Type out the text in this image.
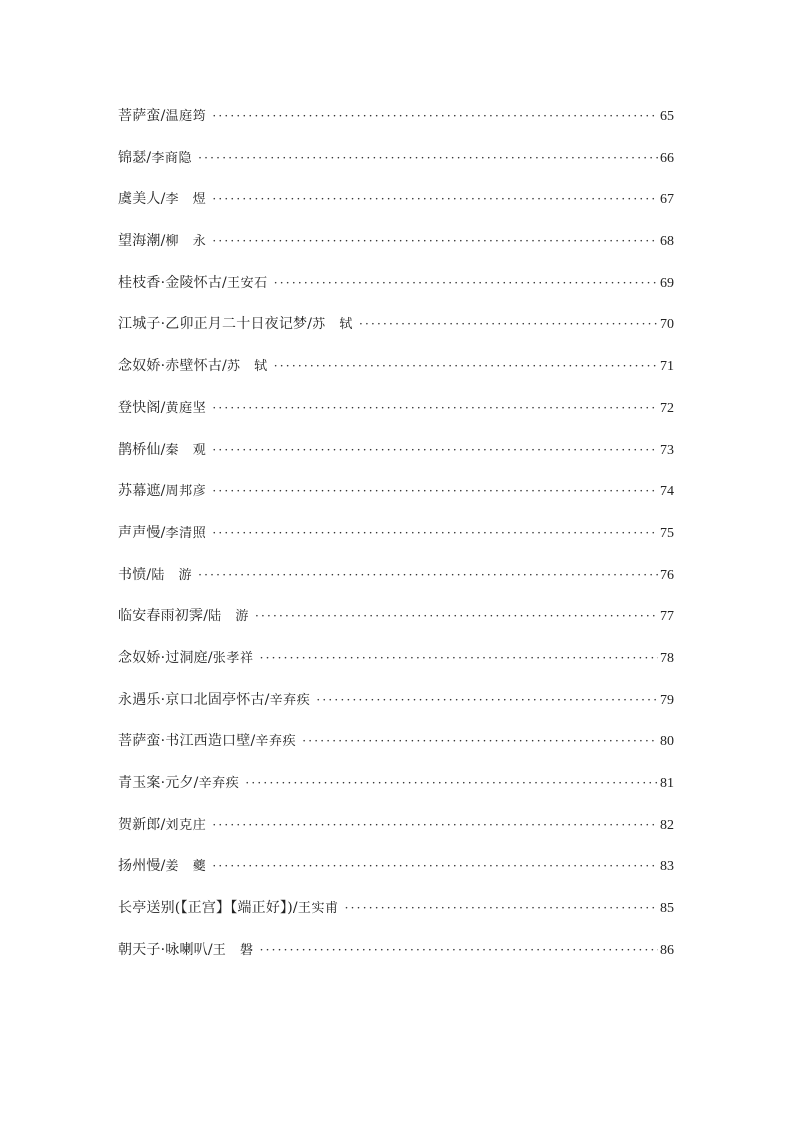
菩萨蛮/ 温庭筠 ·····	65
锦瑟/ 李商隐 ·····	66
虞美人/ 李　煜 ·····	67
望海潮/ 柳　永 ·····	68
桂枝香·金陵怀古/ 王安石 ·····	69
江城子·乙卯正月二十日夜记梦/ 苏　轼 ·····	70
念奴娇·赤壁怀古/ 苏　轼 ·····	71
登快阁/ 黄庭坚 ·····	72
鹊桥仙/ 秦　观 ·····	73
苏幕遮/ 周邦彦 ·····	74
声声慢/ 李清照 ·····	75
书愤/ 陆　游 ·····	76
临安春雨初霁/ 陆　游 ·····	77
念奴娇·过洞庭/ 张孝祥 ·····	78
永遇乐·京口北固亭怀古/ 辛弃疾 ·····	79
菩萨蛮·书江西造口壁/ 辛弃疾 ·····	80
青玉案·元夕/ 辛弃疾 ·····	81
贺新郎/ 刘克庄 ·····	82
扬州慢/ 姜　夔 ·····	83
长亭送别(【正宫】【端正好】)/ 王实甫 ·····	85
朝天子·咏喇叭/ 王　磐 ·····	86
